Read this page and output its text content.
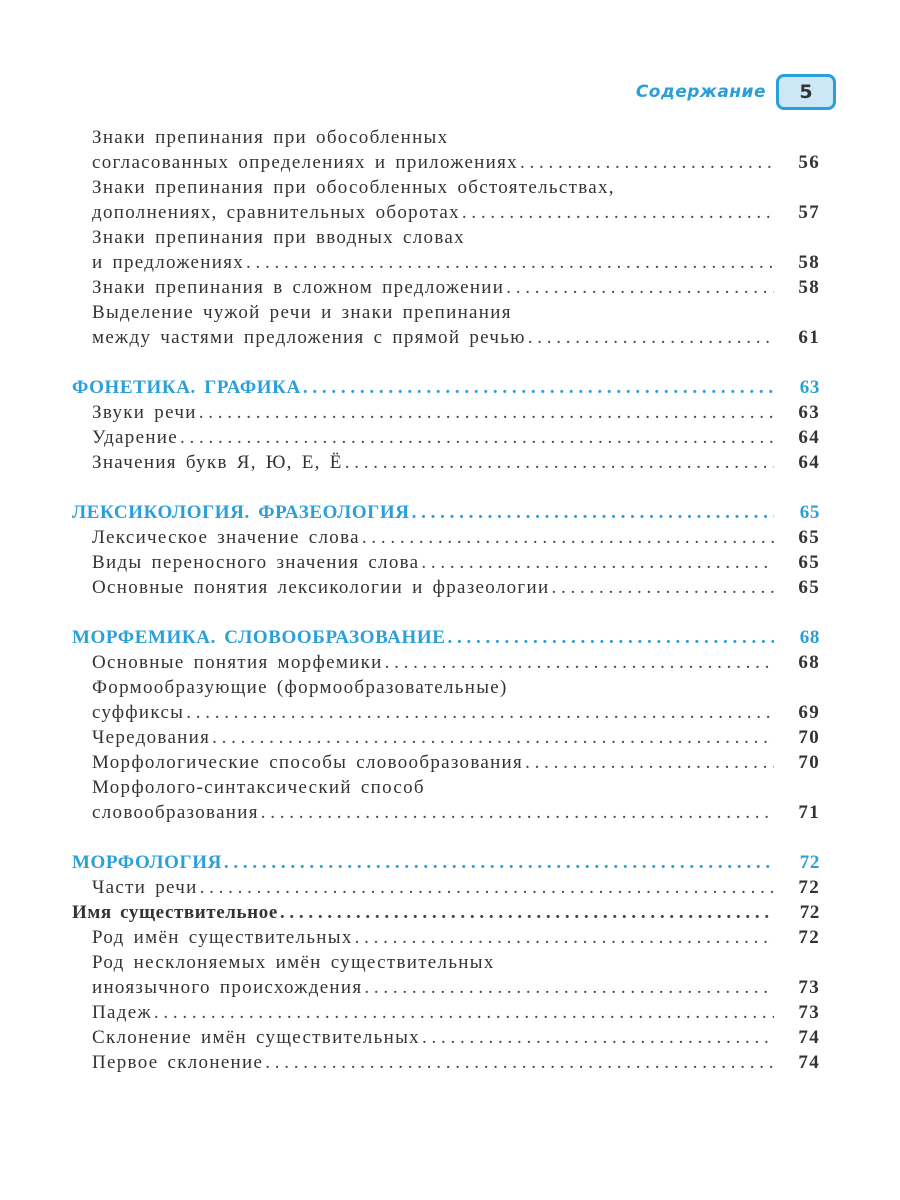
Содержание 5
Знаки препинания при обособленных
согласованных определениях и приложениях . . .	56
Знаки препинания при обособленных обстоятельствах,
дополнениях, сравнительных оборотах . . .	57
Знаки препинания при вводных словах
и предложениях . . .	58
Знаки препинания в сложном предложении . . .	58
Выделение чужой речи и знаки препинания
между частями предложения с прямой речью . . .	61
ФОНЕТИКА. ГРАФИКА . . .	63
Звуки речи . . .	63
Ударение . . .	64
Значения букв Я, Ю, Е, Ё . . .	64
ЛЕКСИКОЛОГИЯ. ФРАЗЕОЛОГИЯ . . .	65
Лексическое значение слова . . .	65
Виды переносного значения слова . . .	65
Основные понятия лексикологии и фразеологии . . .	65
МОРФЕМИКА. СЛОВООБРАЗОВАНИЕ . . .	68
Основные понятия морфемики . . .	68
Формообразующие (формообразовательные)
суффиксы . . .	69
Чередования . . .	70
Морфологические способы словообразования . . .	70
Морфолого-синтаксический способ
словообразования . . .	71
МОРФОЛОГИЯ . . .	72
Части речи . . .	72
Имя существительное . . .	72
Род имён существительных . . .	72
Род несклоняемых имён существительных
иноязычного происхождения . . .	73
Падеж . . .	73
Склонение имён существительных . . .	74
Первое склонение . . .	74
